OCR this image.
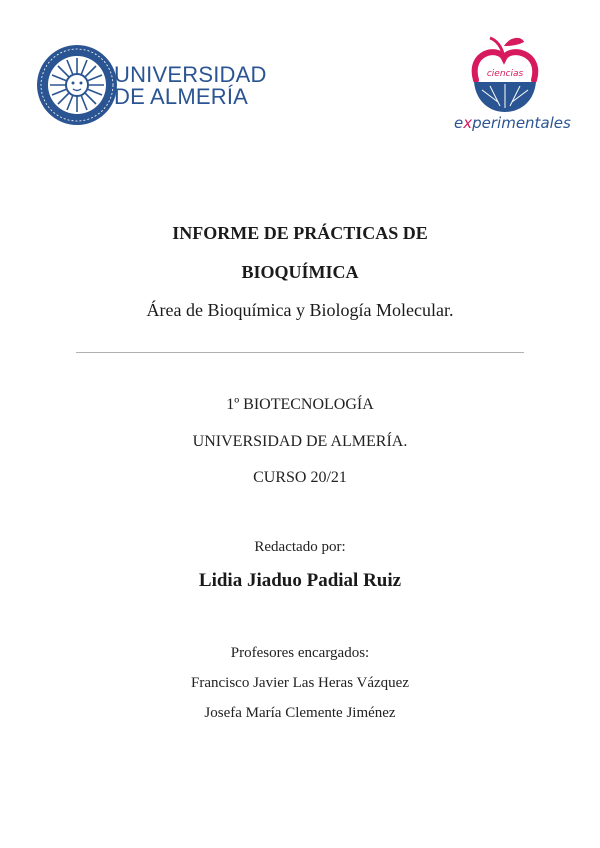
UNIVERSIDAD
DE ALMERÍA
ciencias
experimentales
INFORME DE PRÁCTICAS DE
BIOQUÍMICA
Área de Bioquímica y Biología Molecular.
1º BIOTECNOLOGÍA
UNIVERSIDAD DE ALMERÍA.
CURSO 20/21
Redactado por:
Lidia Jiaduo Padial Ruiz
Profesores encargados:
Francisco Javier Las Heras Vázquez
Josefa María Clemente Jiménez
